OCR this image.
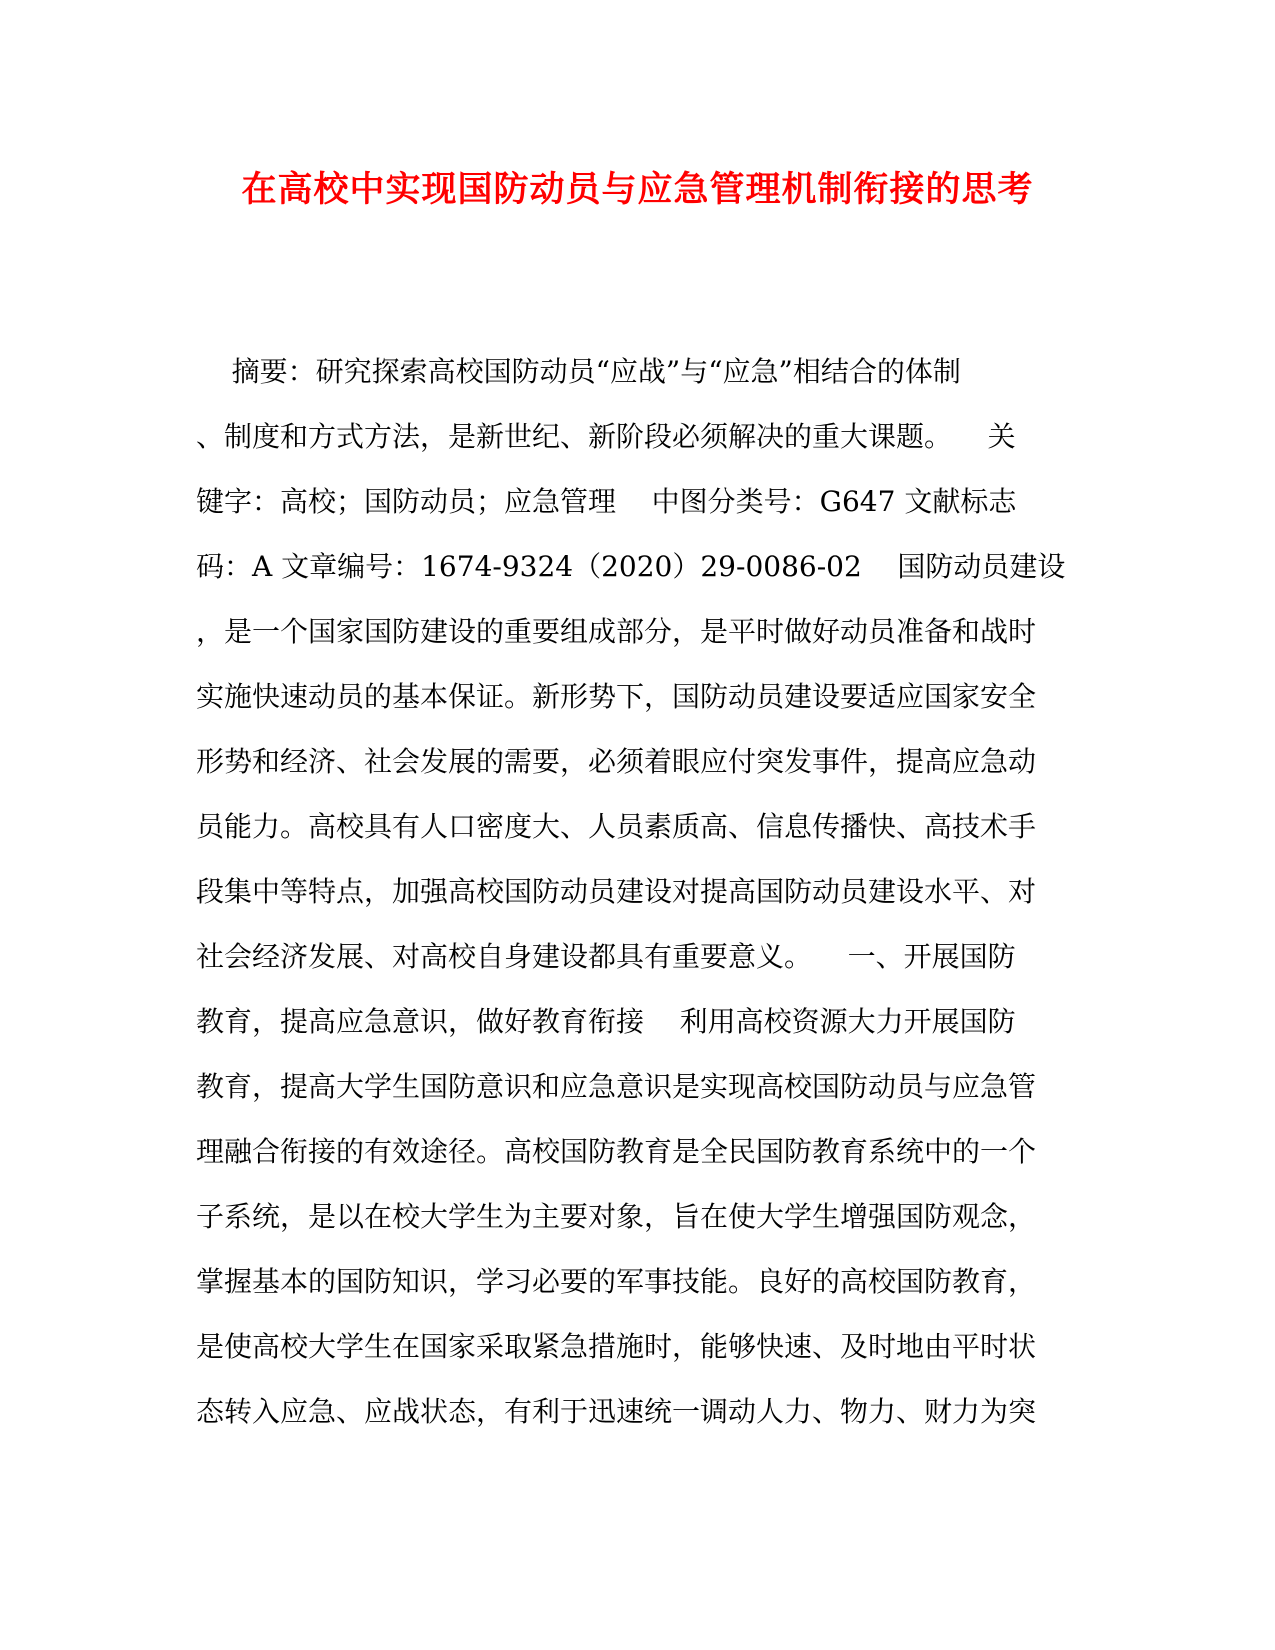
在高校中实现国防动员与应急管理机制衔接的思考
摘要：研究探索高校国防动员“应战”与“应急”相结合的体制
、制度和方式方法，是新世纪、新阶段必须解决的重大课题。    关
键字：高校；国防动员；应急管理    中图分类号：G647 文献标志
码：A 文章编号：1674-9324（2020）29-0086-02    国防动员建设
，是一个国家国防建设的重要组成部分，是平时做好动员准备和战时
实施快速动员的基本保证。新形势下，国防动员建设要适应国家安全
形势和经济、社会发展的需要，必须着眼应付突发事件，提高应急动
员能力。高校具有人口密度大、人员素质高、信息传播快、高技术手
段集中等特点，加强高校国防动员建设对提高国防动员建设水平、对
社会经济发展、对高校自身建设都具有重要意义。    一、开展国防
教育，提高应急意识，做好教育衔接    利用高校资源大力开展国防
教育，提高大学生国防意识和应急意识是实现高校国防动员与应急管
理融合衔接的有效途径。高校国防教育是全民国防教育系统中的一个
子系统，是以在校大学生为主要对象，旨在使大学生增强国防观念，
掌握基本的国防知识，学习必要的军事技能。良好的高校国防教育，
是使高校大学生在国家采取紧急措施时，能够快速、及时地由平时状
态转入应急、应战状态，有利于迅速统一调动人力、物力、财力为突
